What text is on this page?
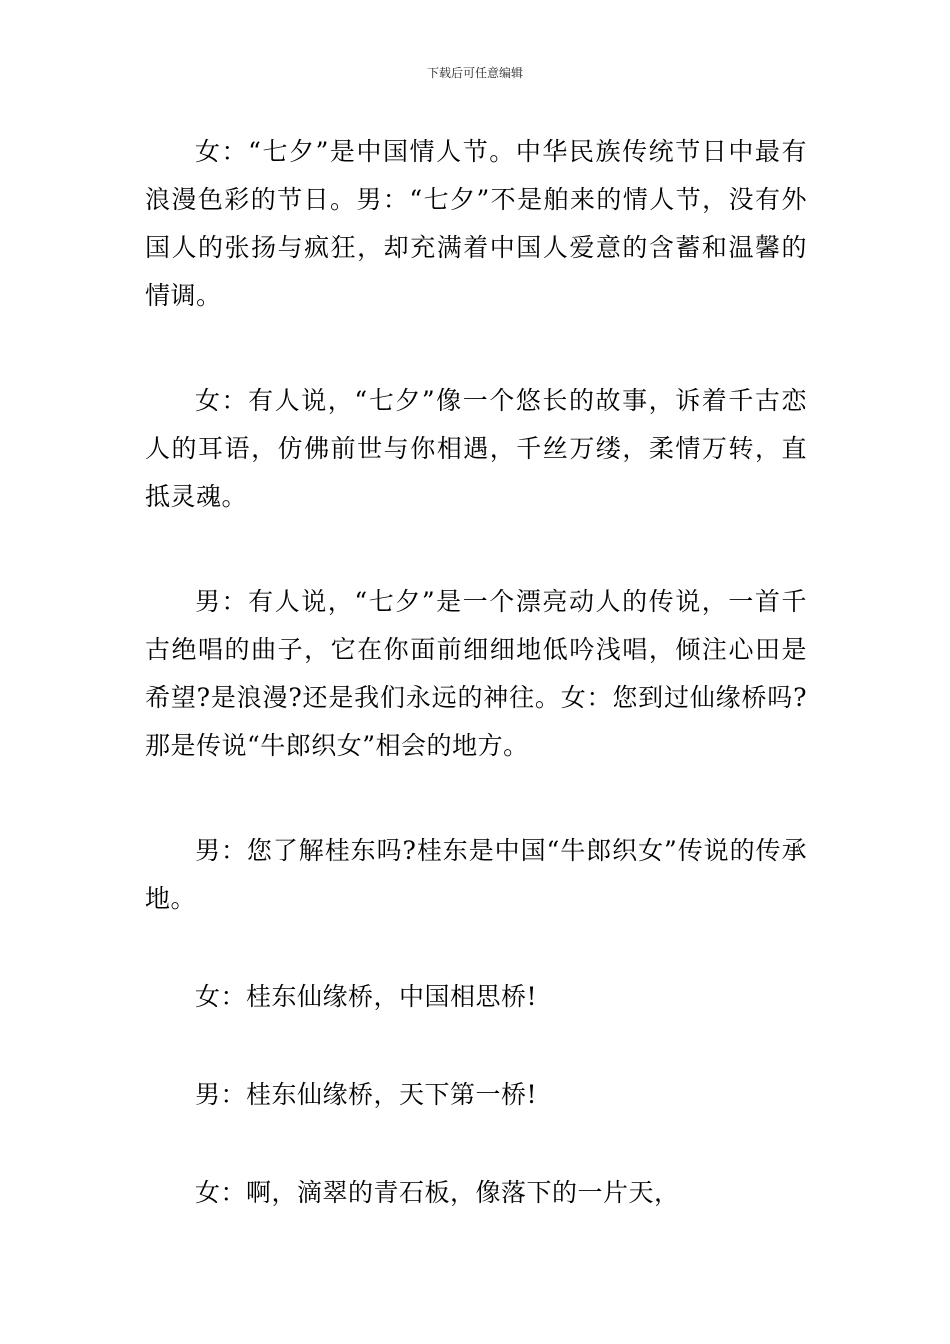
下载后可任意编辑

女：“七夕”是中国情人节。中华民族传统节日中最有浪漫色彩的节日。男：“七夕”不是舶来的情人节，没有外国人的张扬与疯狂，却充满着中国人爱意的含蓄和温馨的情调。

女：有人说，“七夕”像一个悠长的故事，诉着千古恋人的耳语，仿佛前世与你相遇，千丝万缕，柔情万转，直抵灵魂。

男：有人说，“七夕”是一个漂亮动人的传说，一首千古绝唱的曲子，它在你面前细细地低吟浅唱，倾注心田是希望?是浪漫?还是我们永远的神往。女：您到过仙缘桥吗?那是传说“牛郎织女”相会的地方。

男：您了解桂东吗?桂东是中国“牛郎织女”传说的传承地。

女：桂东仙缘桥，中国相思桥!

男：桂东仙缘桥，天下第一桥!

女：啊，滴翠的青石板，像落下的一片天，
